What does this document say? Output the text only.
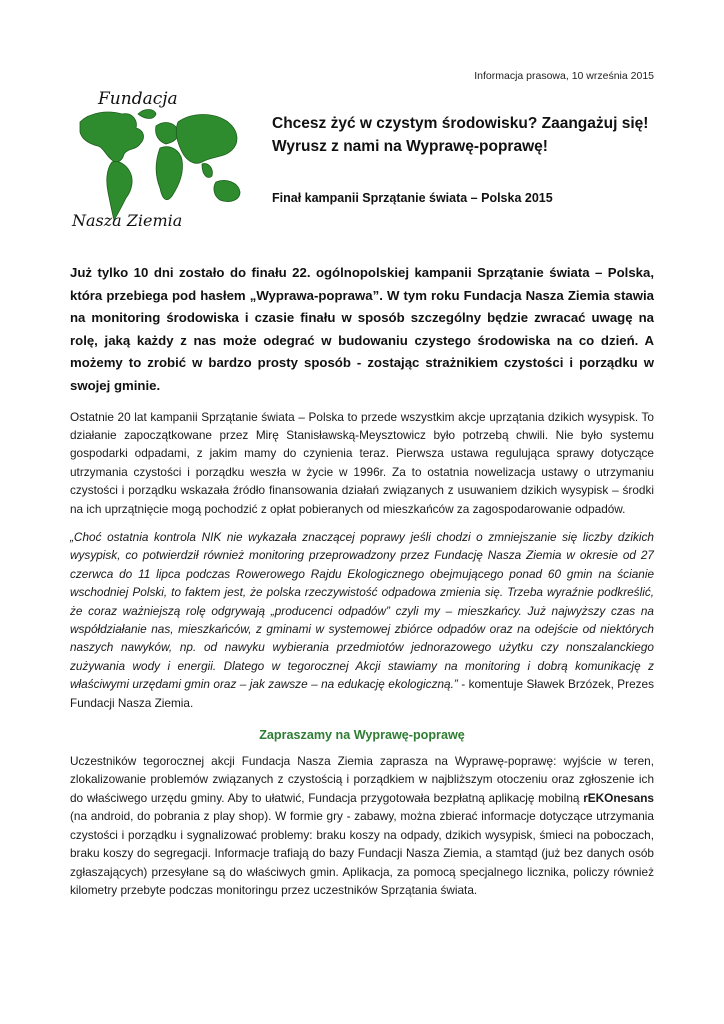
Informacja prasowa, 10 września 2015
Fundacja
Nasza Ziemia

Chcesz żyć w czystym środowisku? Zaangażuj się!

Wyrusz z nami na Wyprawę-poprawę!

Finał kampanii Sprzątanie świata – Polska 2015

Już tylko 10 dni zostało do finału 22. ogólnopolskiej kampanii Sprzątanie świata – Polska, która przebiega pod hasłem „Wyprawa-poprawa”. W tym roku Fundacja Nasza Ziemia stawia na monitoring środowiska i czasie finału w sposób szczególny będzie zwracać uwagę na rolę, jaką każdy z nas może odegrać w budowaniu czystego środowiska na co dzień. A możemy to zrobić w bardzo prosty sposób - zostając strażnikiem czystości i porządku w swojej gminie.

Ostatnie 20 lat kampanii Sprzątanie świata – Polska to przede wszystkim akcje uprzątania dzikich wysypisk. To działanie zapoczątkowane przez Mirę Stanisławską-Meysztowicz było potrzebą chwili. Nie było systemu gospodarki odpadami, z jakim mamy do czynienia teraz. Pierwsza ustawa regulująca sprawy dotyczące utrzymania czystości i porządku weszła w życie w 1996r. Za to ostatnia nowelizacja ustawy o utrzymaniu czystości i porządku wskazała źródło finansowania działań związanych z usuwaniem dzikich wysypisk – środki na ich uprzątnięcie mogą pochodzić z opłat pobieranych od mieszkańców za zagospodarowanie odpadów.

„Choć ostatnia kontrola NIK nie wykazała znaczącej poprawy jeśli chodzi o zmniejszanie się liczby dzikich wysypisk, co potwierdził również monitoring przeprowadzony przez Fundację Nasza Ziemia w okresie od 27 czerwca do 11 lipca podczas Rowerowego Rajdu Ekologicznego obejmującego ponad 60 gmin na ścianie wschodniej Polski, to faktem jest, że polska rzeczywistość odpadowa zmienia się. Trzeba wyraźnie podkreślić, że coraz ważniejszą rolę odgrywają „producenci odpadów” czyli my – mieszkańcy. Już najwyższy czas na współdziałanie nas, mieszkańców, z gminami w systemowej zbiórce odpadów oraz na odejście od niektórych naszych nawyków, np. od nawyku wybierania przedmiotów jednorazowego użytku czy nonszalanckiego zużywania wody i energii. Dlatego w tegorocznej Akcji stawiamy na monitoring i dobrą komunikację z właściwymi urzędami gmin oraz – jak zawsze – na edukację ekologiczną.” - komentuje Sławek Brzózek, Prezes Fundacji Nasza Ziemia.

Zapraszamy na Wyprawę-poprawę

Uczestników tegorocznej akcji Fundacja Nasza Ziemia zaprasza na Wyprawę-poprawę: wyjście w teren, zlokalizowanie problemów związanych z czystością i porządkiem w najbliższym otoczeniu oraz zgłoszenie ich do właściwego urzędu gminy. Aby to ułatwić, Fundacja przygotowała bezpłatną aplikację mobilną rEKOnesans (na android, do pobrania z play shop). W formie gry - zabawy, można zbierać informacje dotyczące utrzymania czystości i porządku i sygnalizować problemy: braku koszy na odpady, dzikich wysypisk, śmieci na poboczach, braku koszy do segregacji. Informacje trafiają do bazy Fundacji Nasza Ziemia, a stamtąd (już bez danych osób zgłaszających) przesyłane są do właściwych gmin. Aplikacja, za pomocą specjalnego licznika, policzy również kilometry przebyte podczas monitoringu przez uczestników Sprzątania świata.
